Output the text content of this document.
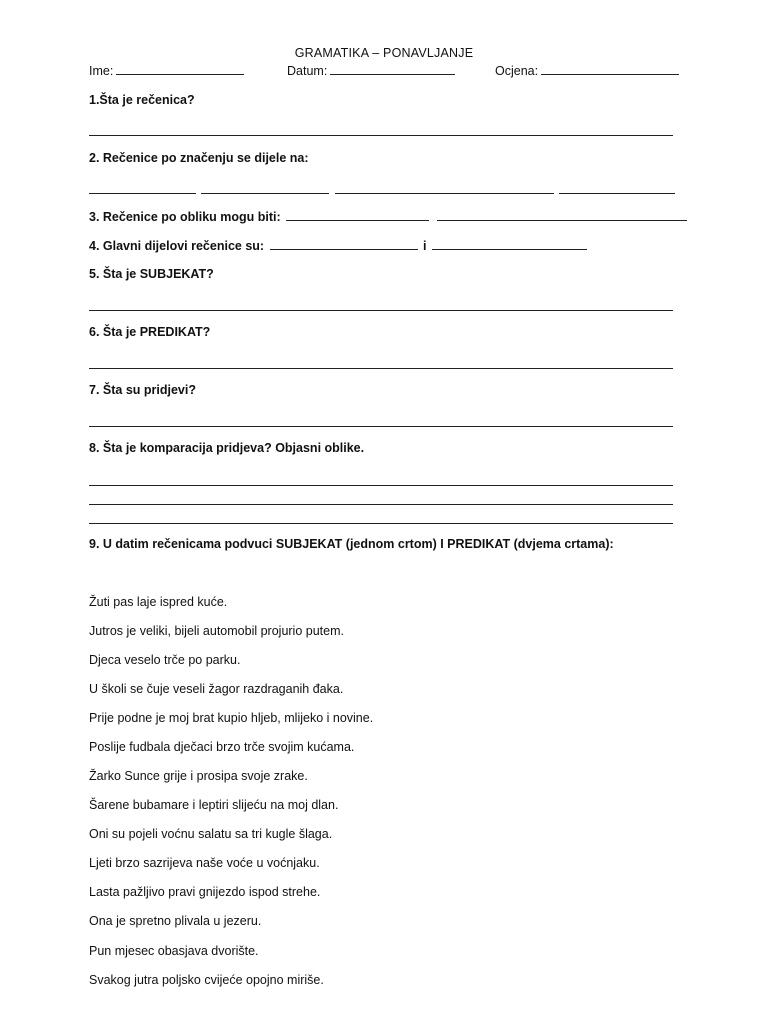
GRAMATIKA – PONAVLJANJE
Ime:	Datum:	Ocjena:
1.Šta je rečenica?
2. Rečenice po značenju se dijele na:
3. Rečenice po obliku mogu biti:
4. Glavni dijelovi rečenice su:	i
5. Šta je SUBJEKAT?
6. Šta je PREDIKAT?
7. Šta su pridjevi?
8. Šta je komparacija pridjeva? Objasni oblike.
9. U datim rečenicama podvuci SUBJEKAT (jednom crtom) I PREDIKAT (dvjema crtama):
Žuti pas laje ispred kuće.
Jutros je veliki, bijeli automobil projurio putem.
Djeca veselo trče po parku.
U školi se čuje veseli žagor razdraganih đaka.
Prije podne je moj brat kupio hljeb, mlijeko i novine.
Poslije fudbala dječaci brzo trče svojim kućama.
Žarko Sunce grije i prosipa svoje zrake.
Šarene bubamare i leptiri slijeću na moj dlan.
Oni su pojeli voćnu salatu sa tri kugle šlaga.
Ljeti brzo sazrijeva naše voće u voćnjaku.
Lasta pažljivo pravi gnijezdo ispod strehe.
Ona je spretno plivala u jezeru.
Pun mjesec obasjava dvorište.
Svakog jutra poljsko cvijeće opojno miriše.
